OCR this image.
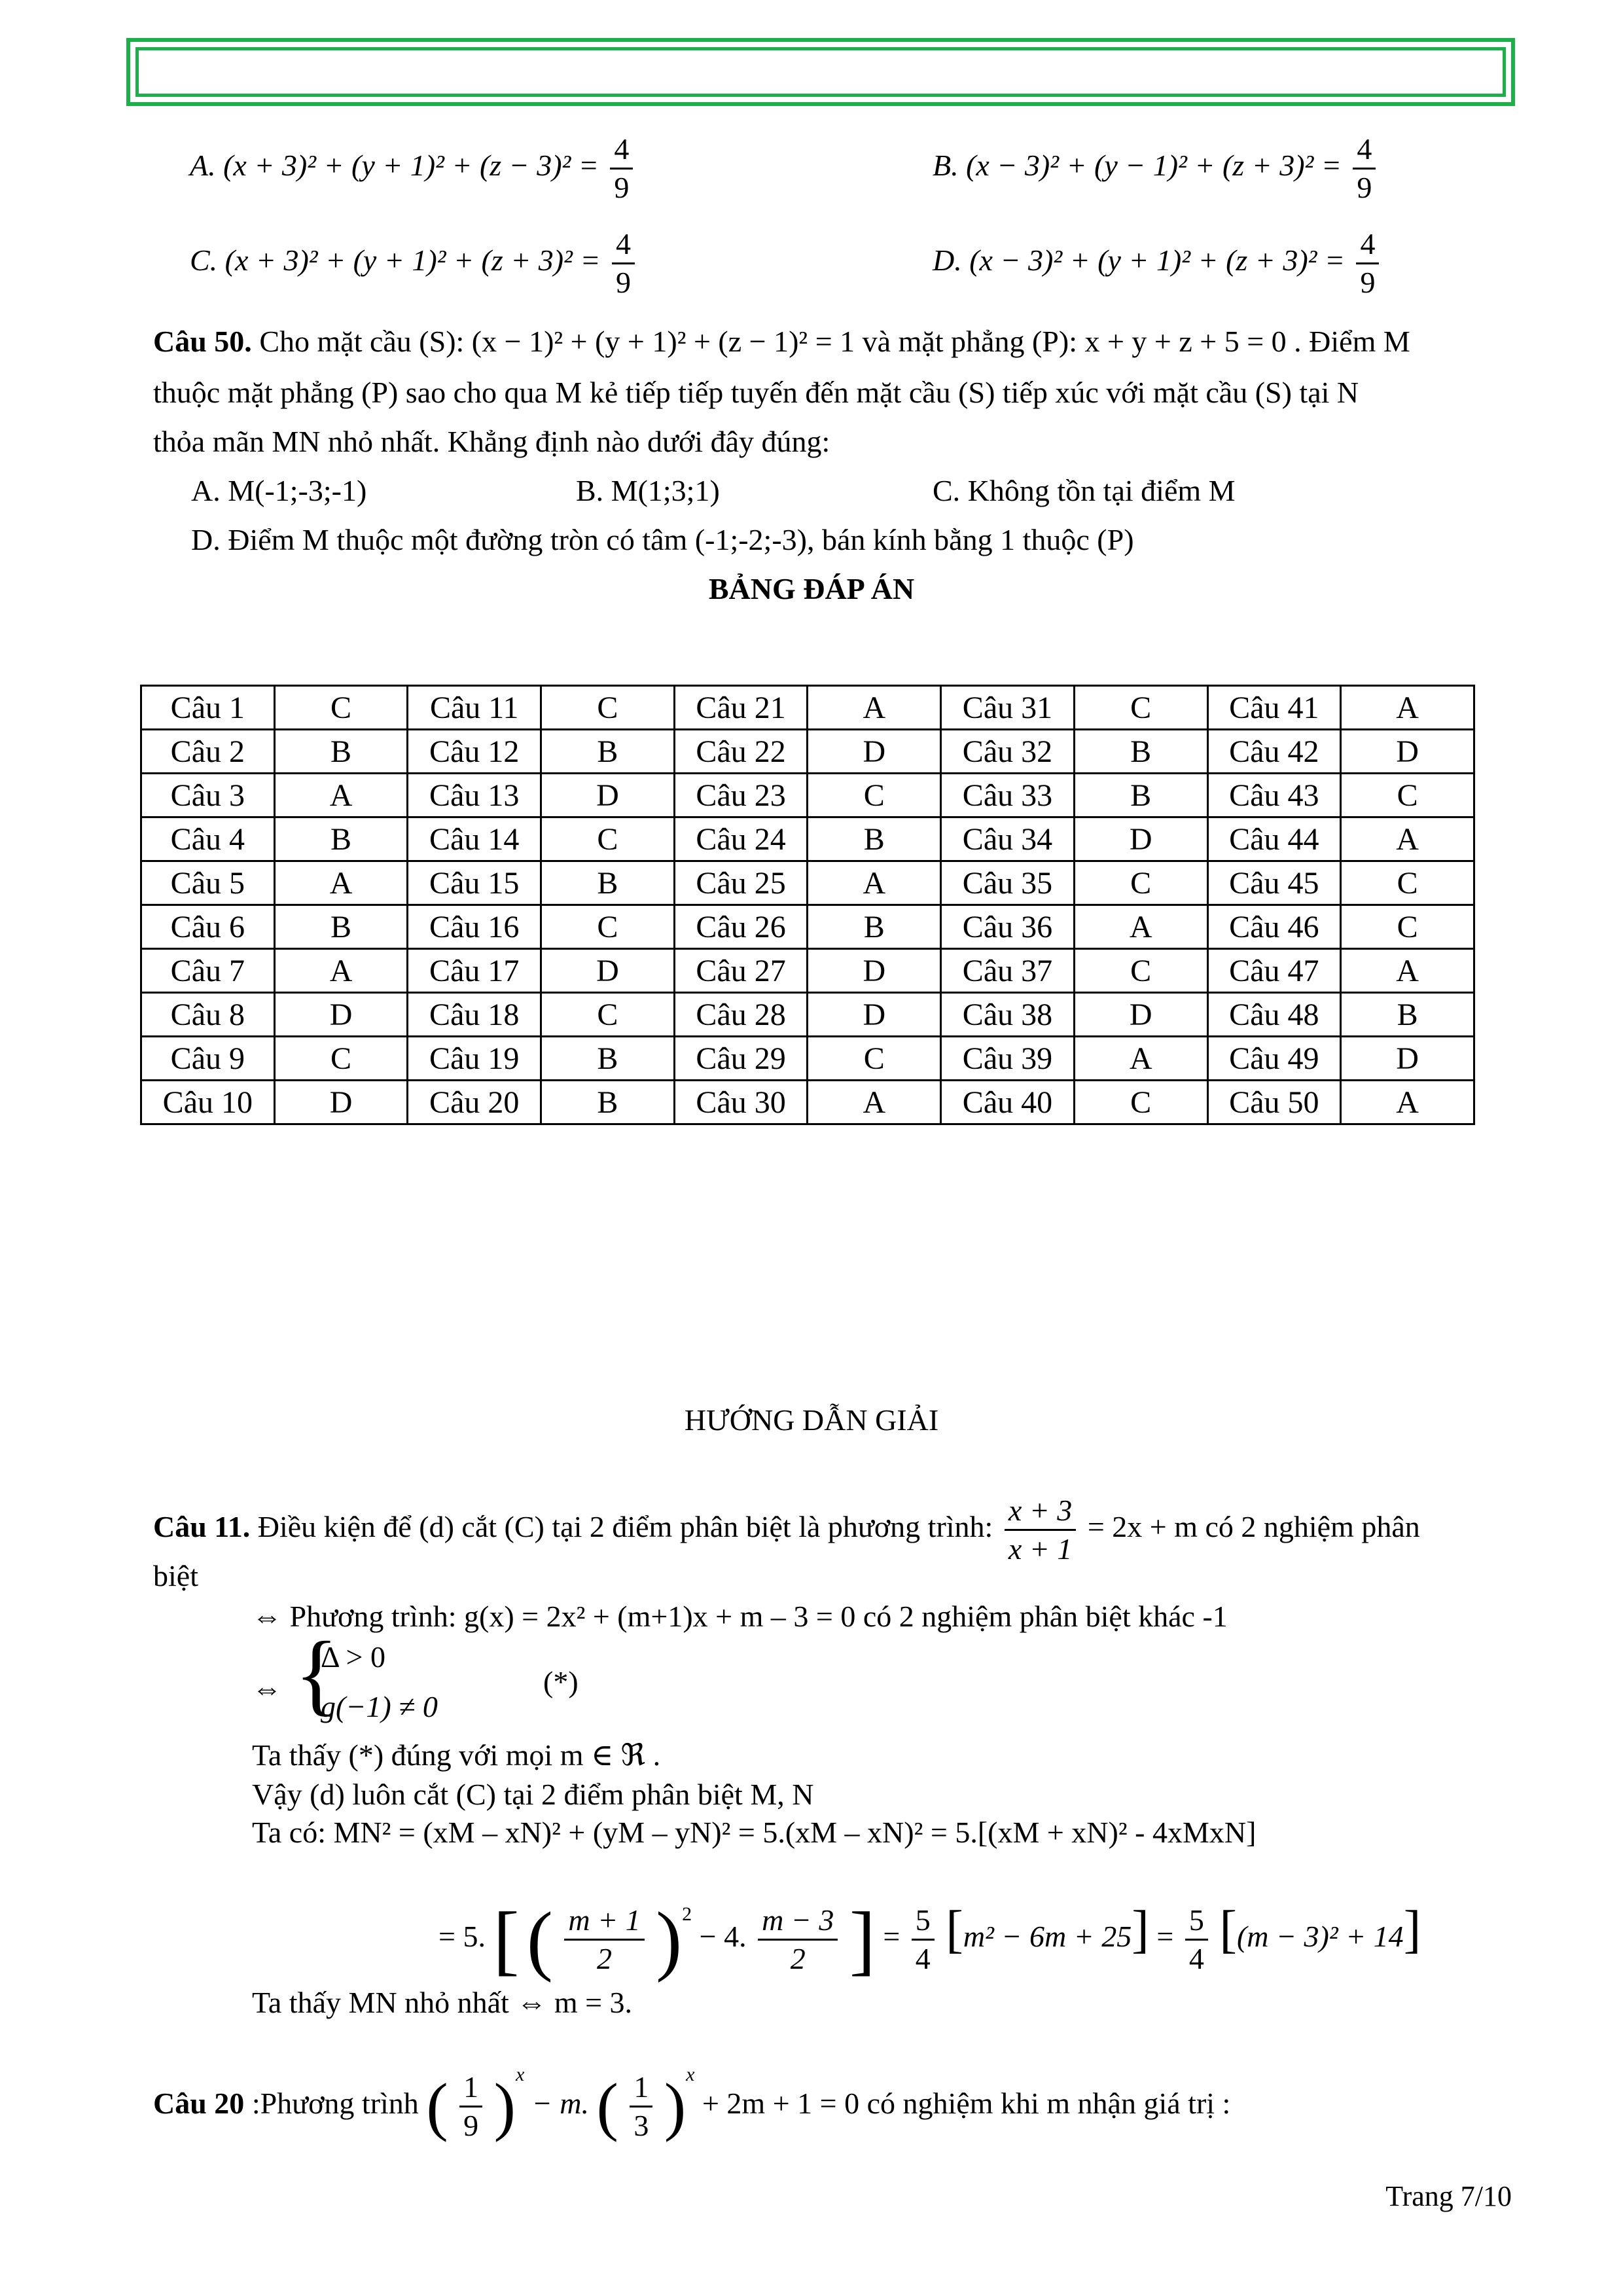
A. $(x + 3)^2 + (y + 1)^2 + (z - 3)^2 = \frac{4}{9}$	B. $(x - 3)^2 + (y - 1)^2 + (z + 3)^2 = \frac{4}{9}$
C. $(x + 3)^2 + (y + 1)^2 + (z + 3)^2 = \frac{4}{9}$	D. $(x - 3)^2 + (y + 1)^2 + (z + 3)^2 = \frac{4}{9}$
Câu 50. Cho mặt cầu (S): (x − 1)² + (y + 1)² + (z − 1)² = 1 và mặt phẳng (P): x + y + z + 5 = 0 . Điểm M
thuộc mặt phẳng (P) sao cho qua M kẻ tiếp tiếp tuyến đến mặt cầu (S) tiếp xúc với mặt cầu (S) tại N
thỏa mãn MN nhỏ nhất. Khẳng định nào dưới đây đúng:
A. M(-1;-3;-1)	B. M(1;3;1)	C. Không tồn tại điểm M
D. Điểm M thuộc một đường tròn có tâm (-1;-2;-3), bán kính bằng 1 thuộc (P)
BẢNG ĐÁP ÁN
Câu 1	C	Câu 11	C	Câu 21	A	Câu 31	C	Câu 41	A
Câu 2	B	Câu 12	B	Câu 22	D	Câu 32	B	Câu 42	D
Câu 3	A	Câu 13	D	Câu 23	C	Câu 33	B	Câu 43	C
Câu 4	B	Câu 14	C	Câu 24	B	Câu 34	D	Câu 44	A
Câu 5	A	Câu 15	B	Câu 25	A	Câu 35	C	Câu 45	C
Câu 6	B	Câu 16	C	Câu 26	B	Câu 36	A	Câu 46	C
Câu 7	A	Câu 17	D	Câu 27	D	Câu 37	C	Câu 47	A
Câu 8	D	Câu 18	C	Câu 28	D	Câu 38	D	Câu 48	B
Câu 9	C	Câu 19	B	Câu 29	C	Câu 39	A	Câu 49	D
Câu 10	D	Câu 20	B	Câu 30	A	Câu 40	C	Câu 50	A
HƯỚNG DẪN GIẢI
Câu 11. Điều kiện để (d) cắt (C) tại 2 điểm phân biệt là phương trình: $\frac{x + 3}{x + 1} = 2x + m$ có 2 nghiệm phân
biệt
⇔ Phương trình: g(x) = 2x² + (m+1)x + m – 3 = 0 có 2 nghiệm phân biệt khác -1
⇔ {
Δ > 0
g(−1) ≠ 0
(*)
Ta thấy (*) đúng với mọi m ∈ ℜ .
Vậy (d) luôn cắt (C) tại 2 điểm phân biệt M, N
Ta có: MN² = (xM – xN)² + (yM – yN)² = 5.(xM – xN)² = 5.[(xM + xN)² - 4xMxN]
= 5. [ ( $\frac{m + 1}{2} )^2 - 4$. $\frac{m - 3}{2}$ ] = $\frac{5}{4} [m^2 - 6m + 25] = \frac{5}{4} [(m - 3)^2 + 14]$
Ta thấy MN nhỏ nhất ⇔ m = 3.
Câu 20 :Phương trình ( $\frac{1}{9} )^x - m$. ( $\frac{1}{3} )^x + 2m + 1 = 0$ có nghiệm khi m nhận giá trị :
Trang 7/10
